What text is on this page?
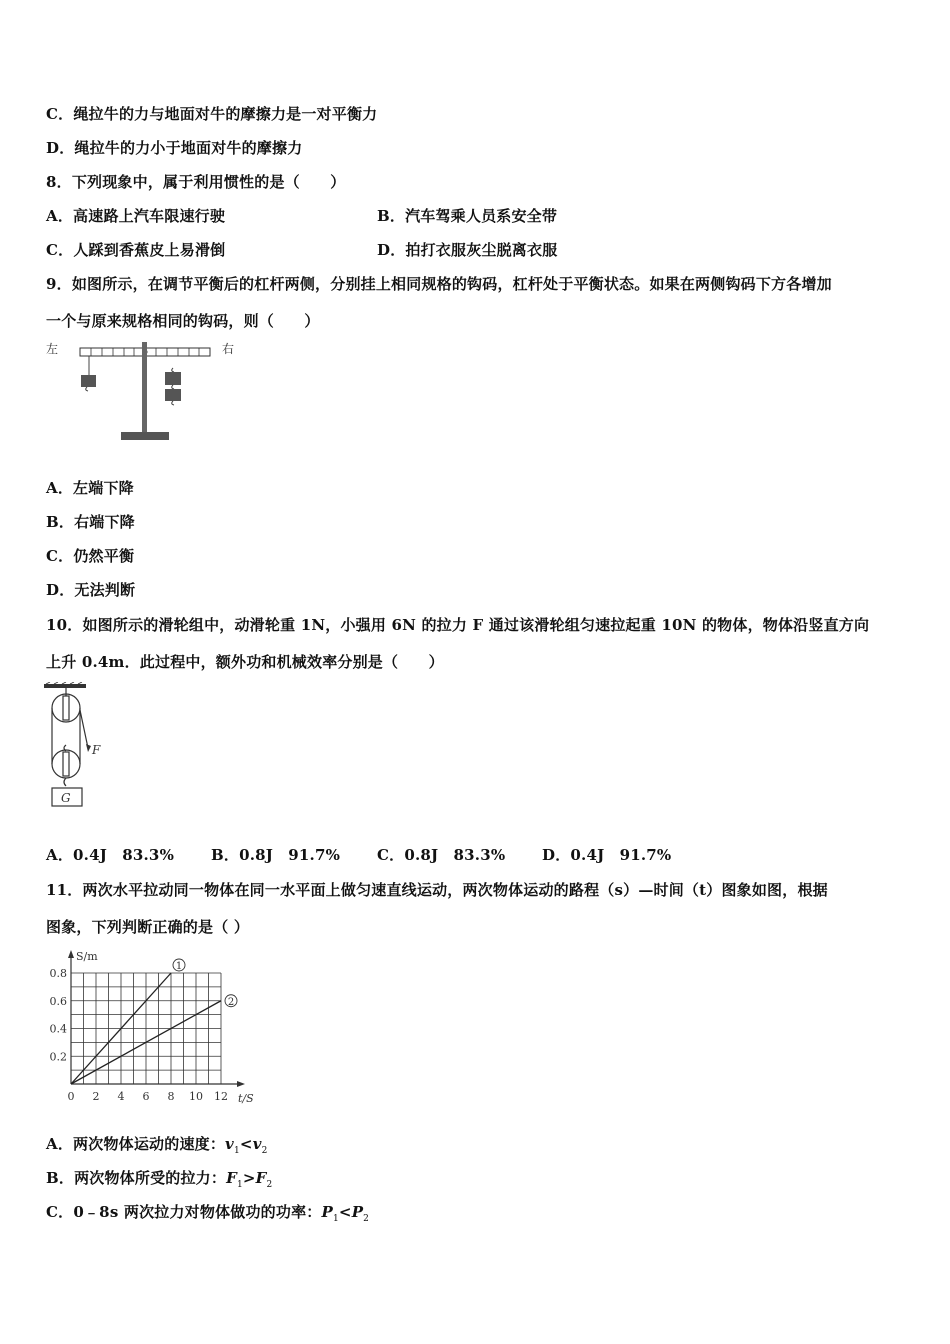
C．绳拉牛的力与地面对牛的摩擦力是一对平衡力
D．绳拉牛的力小于地面对牛的摩擦力
8．下列现象中，属于利用惯性的是（　　）
A．高速路上汽车限速行驶	B．汽车驾乘人员系安全带
C．人踩到香蕉皮上易滑倒	D．拍打衣服灰尘脱离衣服
9．如图所示，在调节平衡后的杠杆两侧，分别挂上相同规格的钩码，杠杆处于平衡状态。如果在两侧钩码下方各增加
一个与原来规格相同的钩码，则（　　）
左	右
A．左端下降
B．右端下降
C．仍然平衡
D．无法判断
10．如图所示的滑轮组中，动滑轮重 1N，小强用 6N 的拉力 F 通过该滑轮组匀速拉起重 10N 的物体，物体沿竖直方向
上升 0.4m．此过程中，额外功和机械效率分别是（　　）
F
G
A．0.4J　83.3% B．0.8J　91.7% C．0.8J　83.3% D．0.4J　91.7%
11．两次水平拉动同一物体在同一水平面上做匀速直线运动，两次物体运动的路程（s）—时间（t）图象如图，根据
图象，下列判断正确的是（ ）
S/m
t/S
0 2 4 6 8 10 12
0.2
0.4
0.6
0.8
1
2
A．两次物体运动的速度：$v_1<v_2$
B．两次物体所受的拉力：$F_1>F_2$
C．0﹣8s 两次拉力对物体做功的功率：$P_1<P_2$
